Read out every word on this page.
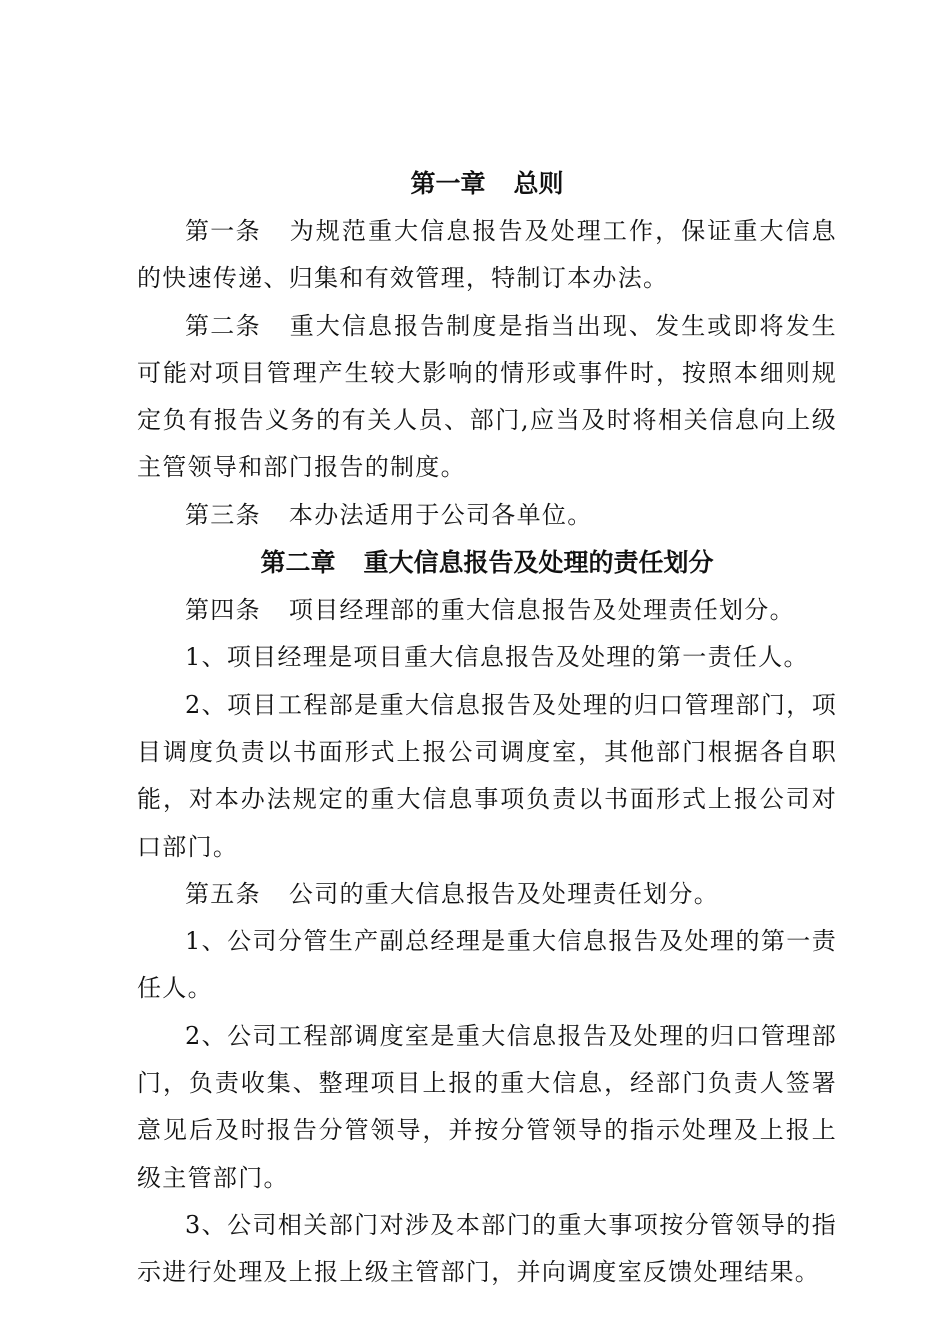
第一章 总则

第一条 为规范重大信息报告及处理工作，保证重大信息的快速传递、归集和有效管理，特制订本办法。

第二条 重大信息报告制度是指当出现、发生或即将发生可能对项目管理产生较大影响的情形或事件时，按照本细则规定负有报告义务的有关人员、部门,应当及时将相关信息向上级主管领导和部门报告的制度。

第三条 本办法适用于公司各单位。

第二章 重大信息报告及处理的责任划分

第四条 项目经理部的重大信息报告及处理责任划分。

1、项目经理是项目重大信息报告及处理的第一责任人。

2、项目工程部是重大信息报告及处理的归口管理部门，项目调度负责以书面形式上报公司调度室，其他部门根据各自职能，对本办法规定的重大信息事项负责以书面形式上报公司对口部门。

第五条 公司的重大信息报告及处理责任划分。

1、公司分管生产副总经理是重大信息报告及处理的第一责任人。

2、公司工程部调度室是重大信息报告及处理的归口管理部门，负责收集、整理项目上报的重大信息，经部门负责人签署意见后及时报告分管领导，并按分管领导的指示处理及上报上级主管部门。

3、公司相关部门对涉及本部门的重大事项按分管领导的指示进行处理及上报上级主管部门，并向调度室反馈处理结果。
